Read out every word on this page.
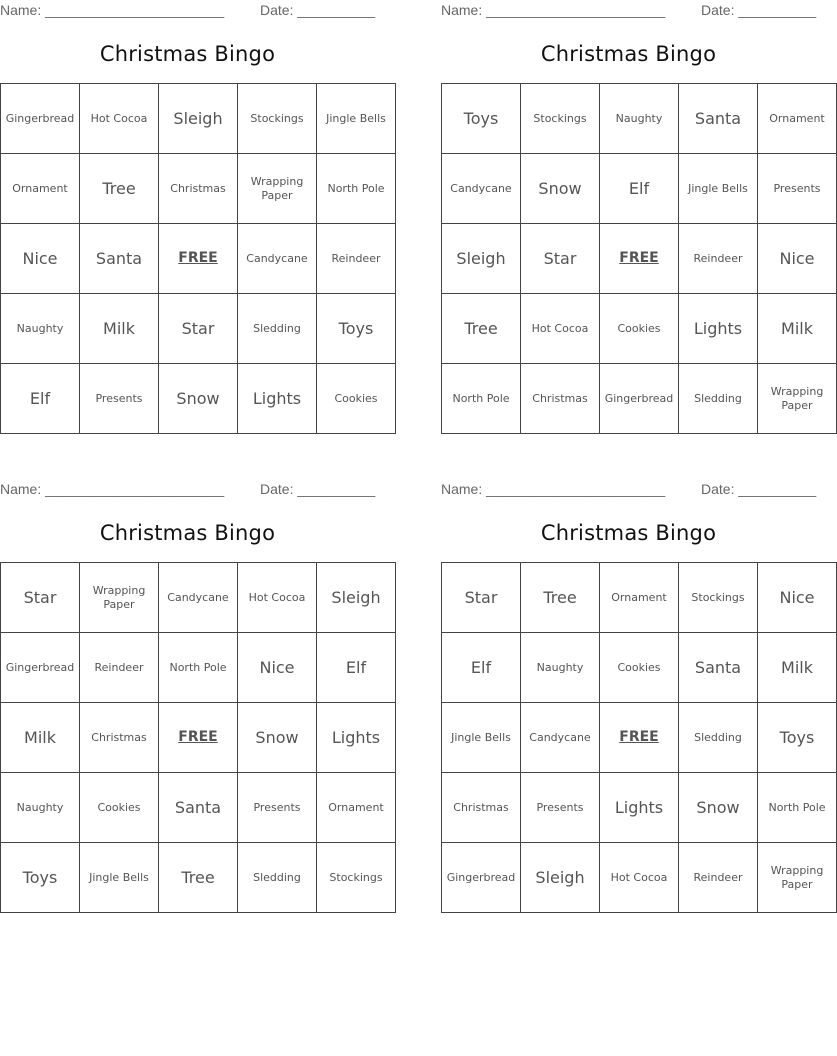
Name: _______________________	Date: __________
Christmas Bingo
Gingerbread	Hot Cocoa	Sleigh	Stockings	Jingle Bells
Ornament	Tree	Christmas	Wrapping Paper	North Pole
Nice	Santa	FREE	Candycane	Reindeer
Naughty	Milk	Star	Sledding	Toys
Elf	Presents	Snow	Lights	Cookies
Name: _______________________	Date: __________
Christmas Bingo
Toys	Stockings	Naughty	Santa	Ornament
Candycane	Snow	Elf	Jingle Bells	Presents
Sleigh	Star	FREE	Reindeer	Nice
Tree	Hot Cocoa	Cookies	Lights	Milk
North Pole	Christmas	Gingerbread	Sledding	Wrapping Paper
Name: _______________________	Date: __________
Christmas Bingo
Star	Wrapping Paper	Candycane	Hot Cocoa	Sleigh
Gingerbread	Reindeer	North Pole	Nice	Elf
Milk	Christmas	FREE	Snow	Lights
Naughty	Cookies	Santa	Presents	Ornament
Toys	Jingle Bells	Tree	Sledding	Stockings
Name: _______________________	Date: __________
Christmas Bingo
Star	Tree	Ornament	Stockings	Nice
Elf	Naughty	Cookies	Santa	Milk
Jingle Bells	Candycane	FREE	Sledding	Toys
Christmas	Presents	Lights	Snow	North Pole
Gingerbread	Sleigh	Hot Cocoa	Reindeer	Wrapping Paper
